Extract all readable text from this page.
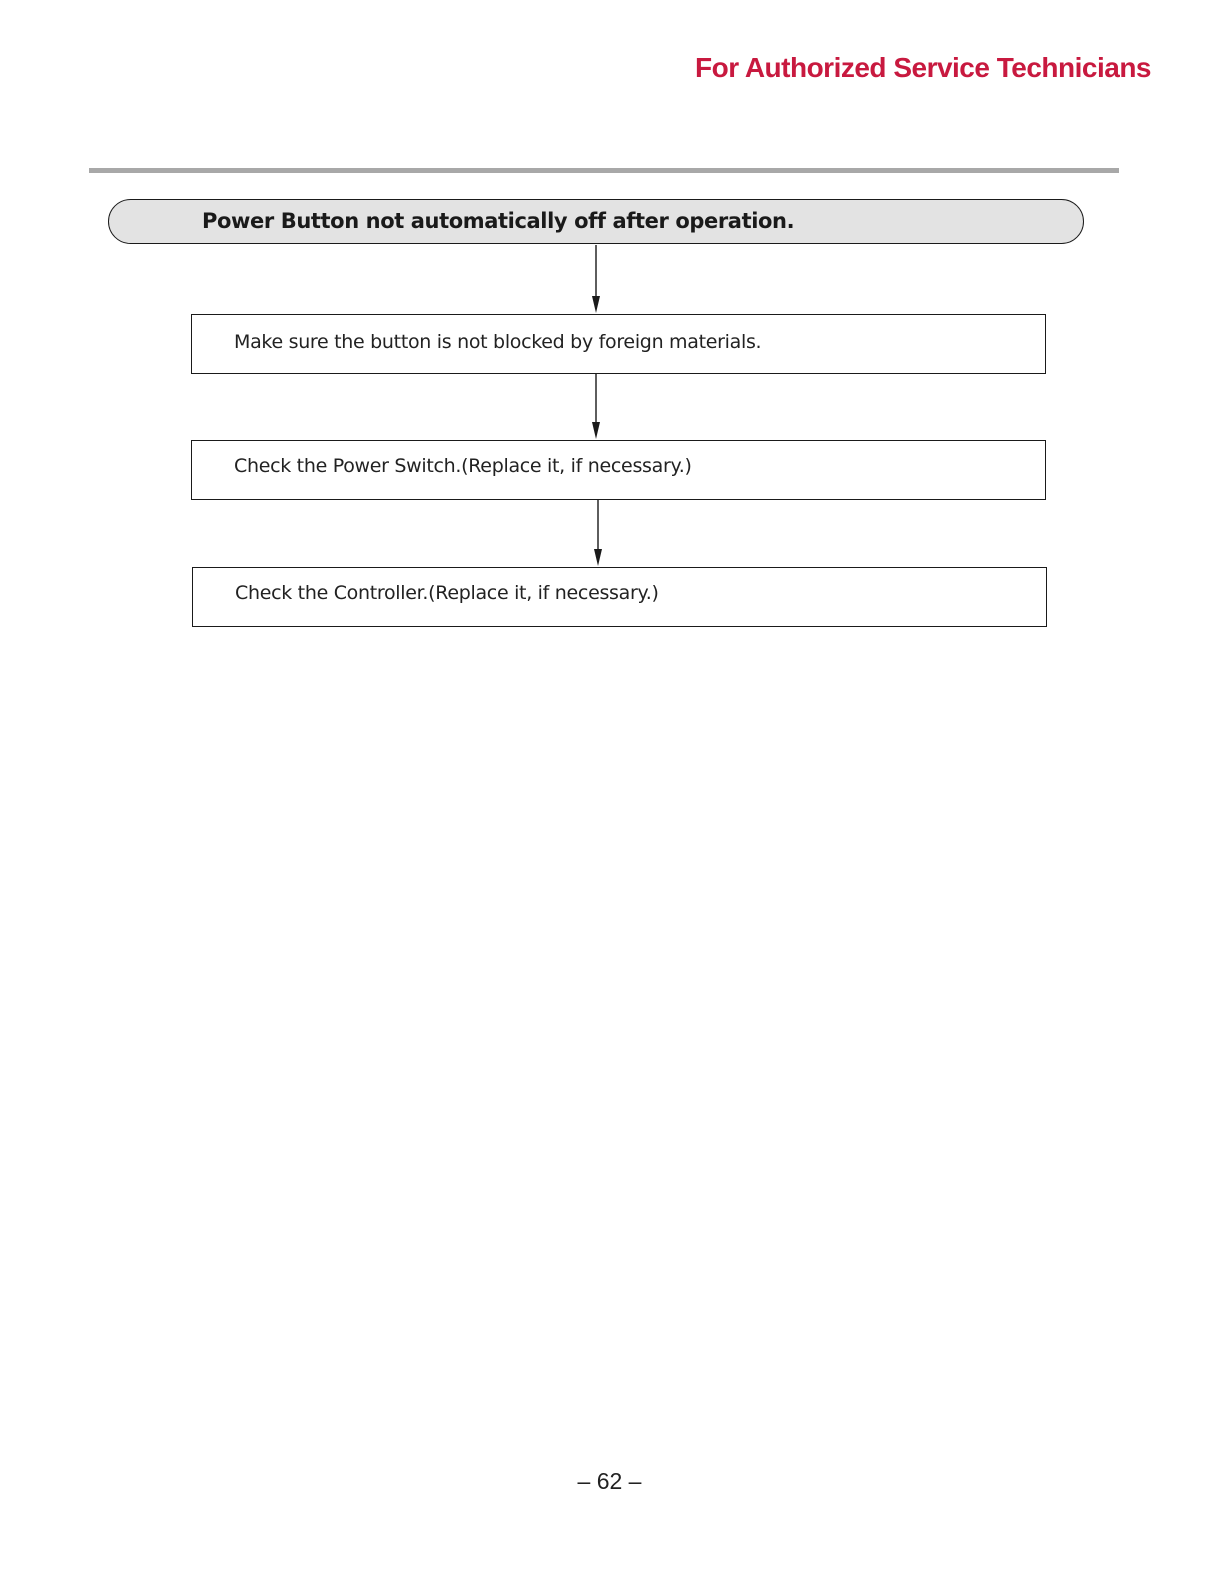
For Authorized Service Technicians
Power Button not automatically off after operation.
Make sure the button is not blocked by foreign materials.
Check the Power Switch.(Replace it, if necessary.)
Check the Controller.(Replace it, if necessary.)
– 62 –
